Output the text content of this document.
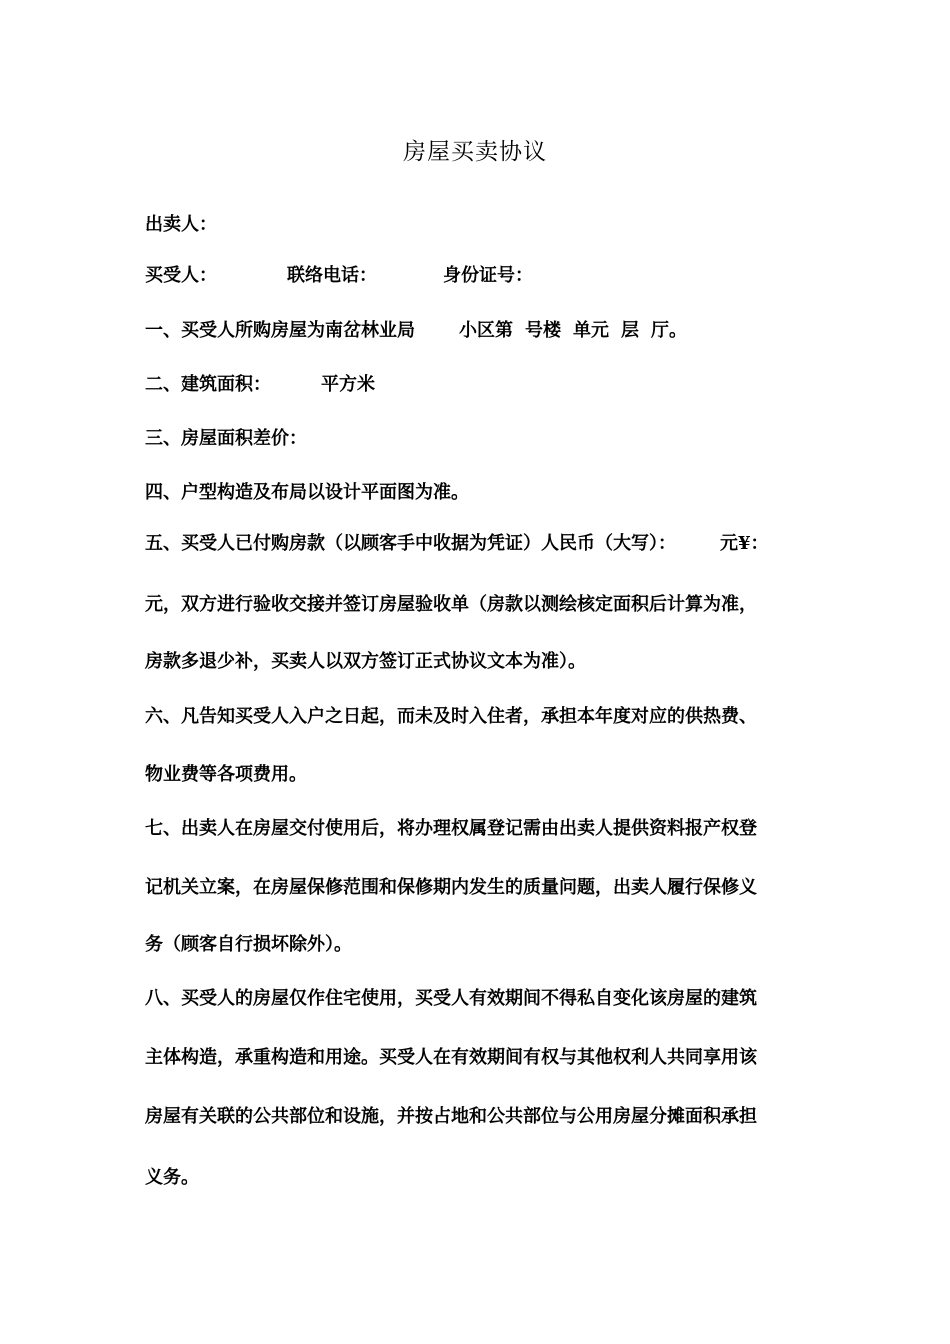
房屋买卖协议

出卖人：

买受人：	联络电话：	身份证号：

一、买受人所购房屋为南岔林业局 小区第 号楼 单元 层 厅。

二、建筑面积：	平方米

三、房屋面积差价：

四、户型构造及布局以设计平面图为准。

五、买受人已付购房款（以顾客手中收据为凭证）人民币（大写）： 元¥：

元，双方进行验收交接并签订房屋验收单（房款以测绘核定面积后计算为准，

房款多退少补，买卖人以双方签订正式协议文本为准）。

六、凡告知买受人入户之日起，而未及时入住者，承担本年度对应的供热费、

物业费等各项费用。

七、出卖人在房屋交付使用后，将办理权属登记需由出卖人提供资料报产权登

记机关立案，在房屋保修范围和保修期内发生的质量问题，出卖人履行保修义

务（顾客自行损坏除外）。

八、买受人的房屋仅作住宅使用，买受人有效期间不得私自变化该房屋的建筑

主体构造，承重构造和用途。买受人在有效期间有权与其他权利人共同享用该

房屋有关联的公共部位和设施，并按占地和公共部位与公用房屋分摊面积承担

义务。
